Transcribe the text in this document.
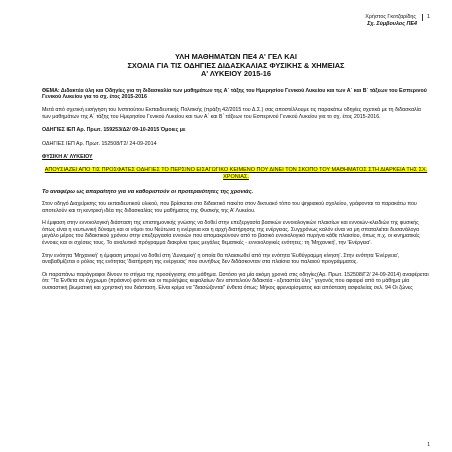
Χρήστος Γκοτζαρίδης	1
Σχ. Σύμβουλος ΠΕ4
ΥΛΗ ΜΑΘΗΜΑΤΩΝ ΠΕ4 Α' ΓΕΛ ΚΑΙ
ΣΧΟΛΙΑ ΓΙΑ ΤΙΣ ΟΔΗΓΙΕΣ ΔΙΔΑΣΚΑΛΙΑΣ ΦΥΣΙΚΗΣ & ΧΗΜΕΙΑΣ
Α' ΛΥΚΕΙΟΥ 2015-16
ΘΕΜΑ: Διδακτέα ύλη και Οδηγίες για τη διδασκαλία των μαθημάτων της Α΄ τάξης του Ημερησίου Γενικού Λυκείου και των Α΄ και Β΄ τάξεων του Εσπερινού Γενικού Λυκείου για το σχ. έτος 2015-2016
Μετά από σχετική εισήγηση του Ινστιτούτου Εκπαιδευτικής Πολιτικής (πράξη 42/2015 του Δ.Σ.) σας αποστέλλουμε τις παρακάτω οδηγίες σχετικά με τη διδασκαλία των μαθημάτων της Α΄ τάξης του Ημερησίου Γενικού Λυκείου και των Α΄ και Β΄ τάξεων του Εσπερινού Γενικού Λυκείου για το σχ. έτος 2015-2016.
ΟΔΗΓΙΕΣ ΙΕΠ Αρ. Πρωτ. 159253/Δ2/ 09-10-2015 Όμοιες με
ΟΔΗΓΙΕΣ ΙΕΠ Αρ. Πρωτ. 152508/Γ2/ 24-09-2014
ΦΥΣΙΚΗ Α' ΛΥΚΕΙΟΥ
ΑΠΟΥΣΙΑΖΕΙ ΑΠΟ ΤΙΣ ΠΡΟΣΦΑΤΕΣ ΟΔΗΓΙΕΣ ΤΟ ΠΕΡΣΙΝΟ ΕΙΣΑΓΩΓΙΚΟ ΚΕΙΜΕΝΟ ΠΟΥ ΔΙΝΕΙ ΤΟΝ ΣΚΟΠΟ ΤΟΥ ΜΑΘΗΜΑΤΟΣ ΣΤΗ ΔΙΑΡΚΕΙΑ ΤΗΣ ΣΧ. ΧΡΟΝΙΑΣ.
Το αναφέρω ως απαραίτητο για να καθοριστούν οι προτεραιότητες της χρονιάς.
Στον οδηγό Διαχείρισης του εκπαιδευτικού υλικού, που βρίσκεται στο διδακτικό πακέτο στον δικτυακό τόπο του ψηφιακού σχολείου, γράφονται τα παρακάτω που αποτελούν και τη κεντρική ιδέα της διδασκαλίας του μαθήματος της Φυσικής της Α' Λυκείου.
Η έμφαση στην εννοιολογική διάσταση της επιστημονικής γνώσης να δοθεί στην επεξεργασία βασικών εννοιολογικών πλαισίων και εννοιών-κλειδιών της φυσικής όπως είναι η νευτωνική δύναμη και οι νόμοι του Νεύτωνα η ενέργεια και η αρχή διατήρησης της ενέργειας. Συγχρόνως καλόν είναι να μη σπαταλιέται δυσανάλογα μεγάλο μέρος του διδακτικού χρόνου στην επεξεργασία εννοιών που απομακρύνουν από το βασικό εννοιολογικό πυρήνα κάθε πλαισίου, όπως π.χ. οι κινηματικές έννοιες και οι σχέσεις τους. Το αναλυτικό πρόγραμμα διακρίνει τρεις μεγάλες θεματικές - εννοιολογικές ενότητες: τη 'Μηχανική', την 'Ενέργεια'.
Στην ενότητα 'Μηχανική' η έμφαση μπορεί να δοθεί στη 'Δυναμική' η οποία θα πλαισιωθεί από την ενότητα 'Ευθύγραμμη κίνηση'. Στην ενότητα 'Ενέργεια', αναβαθμίζεται ο ρόλος της ενότητας 'διατήρηση της ενέργειας' που συνήθως δεν διδάσκονταν στα πλαίσια του παλαιού προγράμματος.
Οι παραπάνω παράγραφοι δίνουν το στίγμα της προσέγγισης στο μάθημα. Ωστόσο για μία ακόμη χρονιά στις οδηγίες(Αρ. Πρωτ. 152508/Γ2/ 24-09-2014) αναφέρεται ότι: "Τα Ένθετα σε έγχρωμο (πράσινο) φόντο και οι περιλήψεις κεφαλαίων δεν αποτελούν διδακτέα - εξεταστέα ύλη." γεγονός που αφαιρεί από το μάθημα μία ουσιαστική βιωματική και χρηστική του διάσταση. Είναι κρίμα να "διασώζονται" ένθετα όπως: Μήκος φρεναρίσματος και απόσταση ασφαλείας σελ. 94 Οι ζώνες
1
